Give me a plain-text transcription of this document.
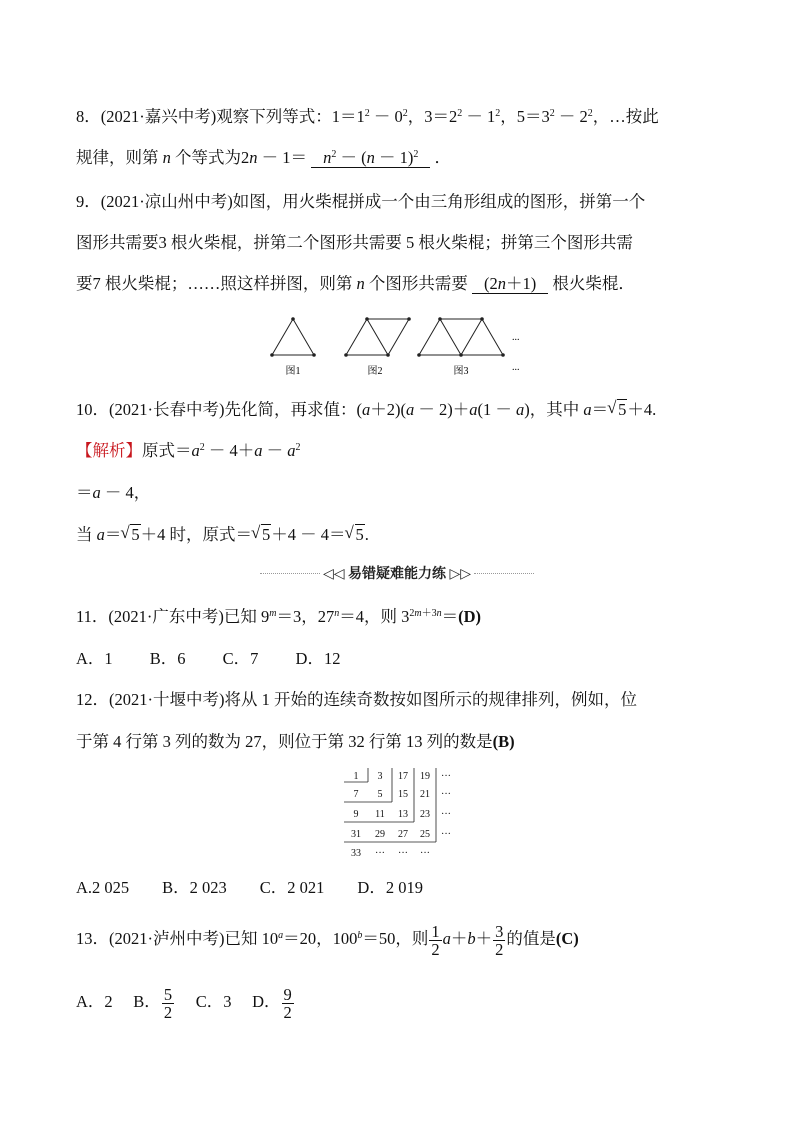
8．(2021·嘉兴中考)观察下列等式：$1=1^2 - 0^2$，$3=2^2 - 1^2$，$5=3^2 - 2^2$，…按此
规律，则第 n 个等式为$2n - 1= n^2 - (n - 1)^2$ ．
9．(2021·凉山州中考)如图，用火柴棍拼成一个由三角形组成的图形，拼第一个
图形共需要3 根火柴棍，拼第二个图形共需要 5 根火柴棍；拼第三个图形共需
要7 根火柴棍；……照这样拼图，则第 n 个图形共需要 (2n＋1) 根火柴棍．
图1	图2	图3
...
...
10．(2021·长春中考)先化简，再求值：(a＋2)(a － 2)＋a(1 － a)，其中 a＝ √ 5＋4.
【解析】原式$=a^2 - 4+a - a^2$
＝a － 4，
当 a＝ √ 5＋4 时，原式＝ √ 5＋4 － 4＝ √ 5.
◁◁ 易错疑难能力练 ▷▷
11．(2021·广东中考)已知 $9^m=3$，$27^n=4$，则 $3^{2m+3n}=(D)$
A．1　　 B．6　　 C．7　　 D．12
12．(2021·十堰中考)将从 1 开始的连续奇数按如图所示的规律排列，例如，位
于第 4 行第 3 列的数为 27，则位于第 32 行第 13 列的数是(B)
1 3 17 19 ···
7 5 15 21 ···
9 11 13 23 ···
31 29 27 25 ···
33 ··· ··· ···
A.2 025　　B．2 023　　C．2 021　　D．2 019
13．(2021·泸州中考)已知 $10^a=20$，$100^b=50$，则 $\frac{1}{2} a+b+ \frac{3}{2}$ 的值是(C)
A．2　 B． $\frac{5}{2}$
　 C．3　 D． $\frac{9}{2}$
